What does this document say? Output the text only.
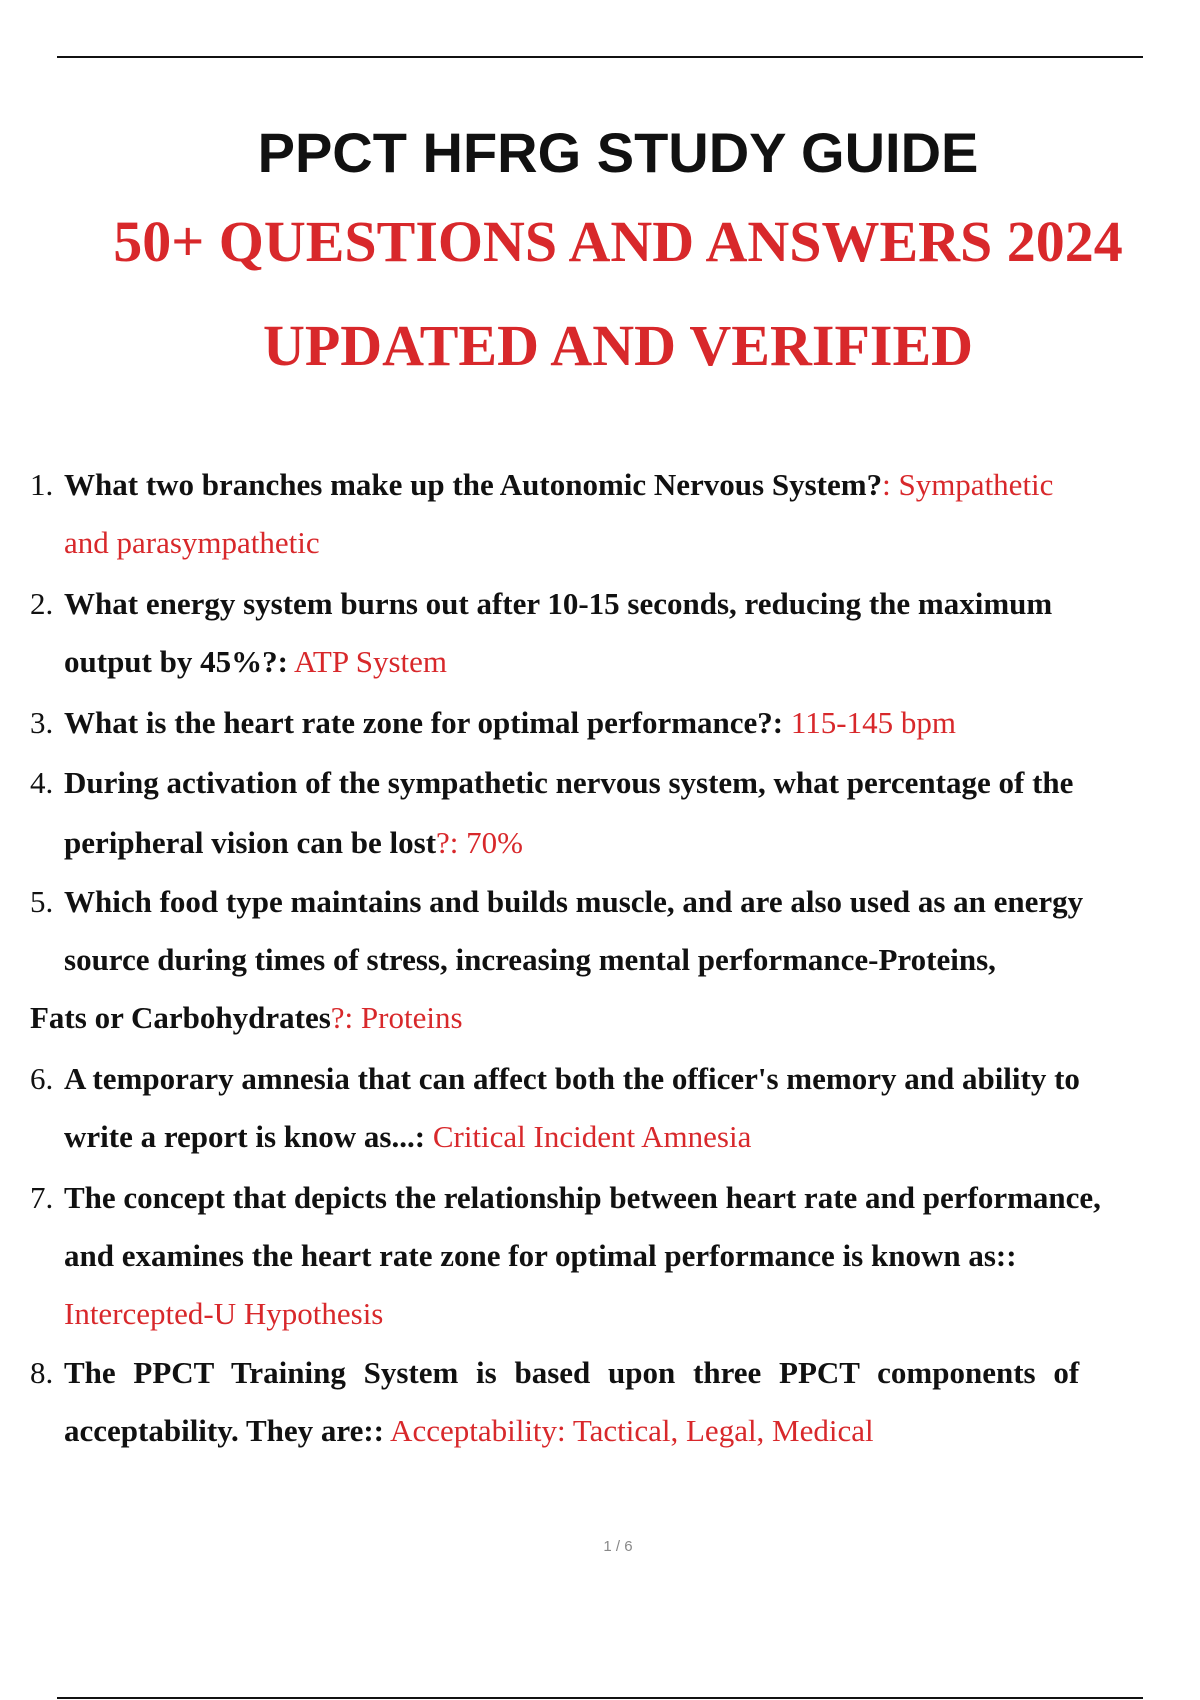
PPCT HFRG STUDY GUIDE
50+ QUESTIONS AND ANSWERS 2024
UPDATED AND VERIFIED
1. What two branches make up the Autonomic Nervous System?: Sympathetic
and parasympathetic
2. What energy system burns out after 10-15 seconds, reducing the maximum
output by 45%?: ATP System
3. What is the heart rate zone for optimal performance?: 115-145 bpm
4. During activation of the sympathetic nervous system, what percentage of the
peripheral vision can be lost?: 70%
5. Which food type maintains and builds muscle, and are also used as an energy
source during times of stress, increasing mental performance-Proteins,
Fats or Carbohydrates?: Proteins
6. A temporary amnesia that can affect both the officer's memory and ability to
write a report is know as...: Critical Incident Amnesia
7. The concept that depicts the relationship between heart rate and performance,
and examines the heart rate zone for optimal performance is known as::
Intercepted-U Hypothesis
8. The PPCT Training System is based upon three PPCT components of
acceptability. They are:: Acceptability: Tactical, Legal, Medical
1 / 6
